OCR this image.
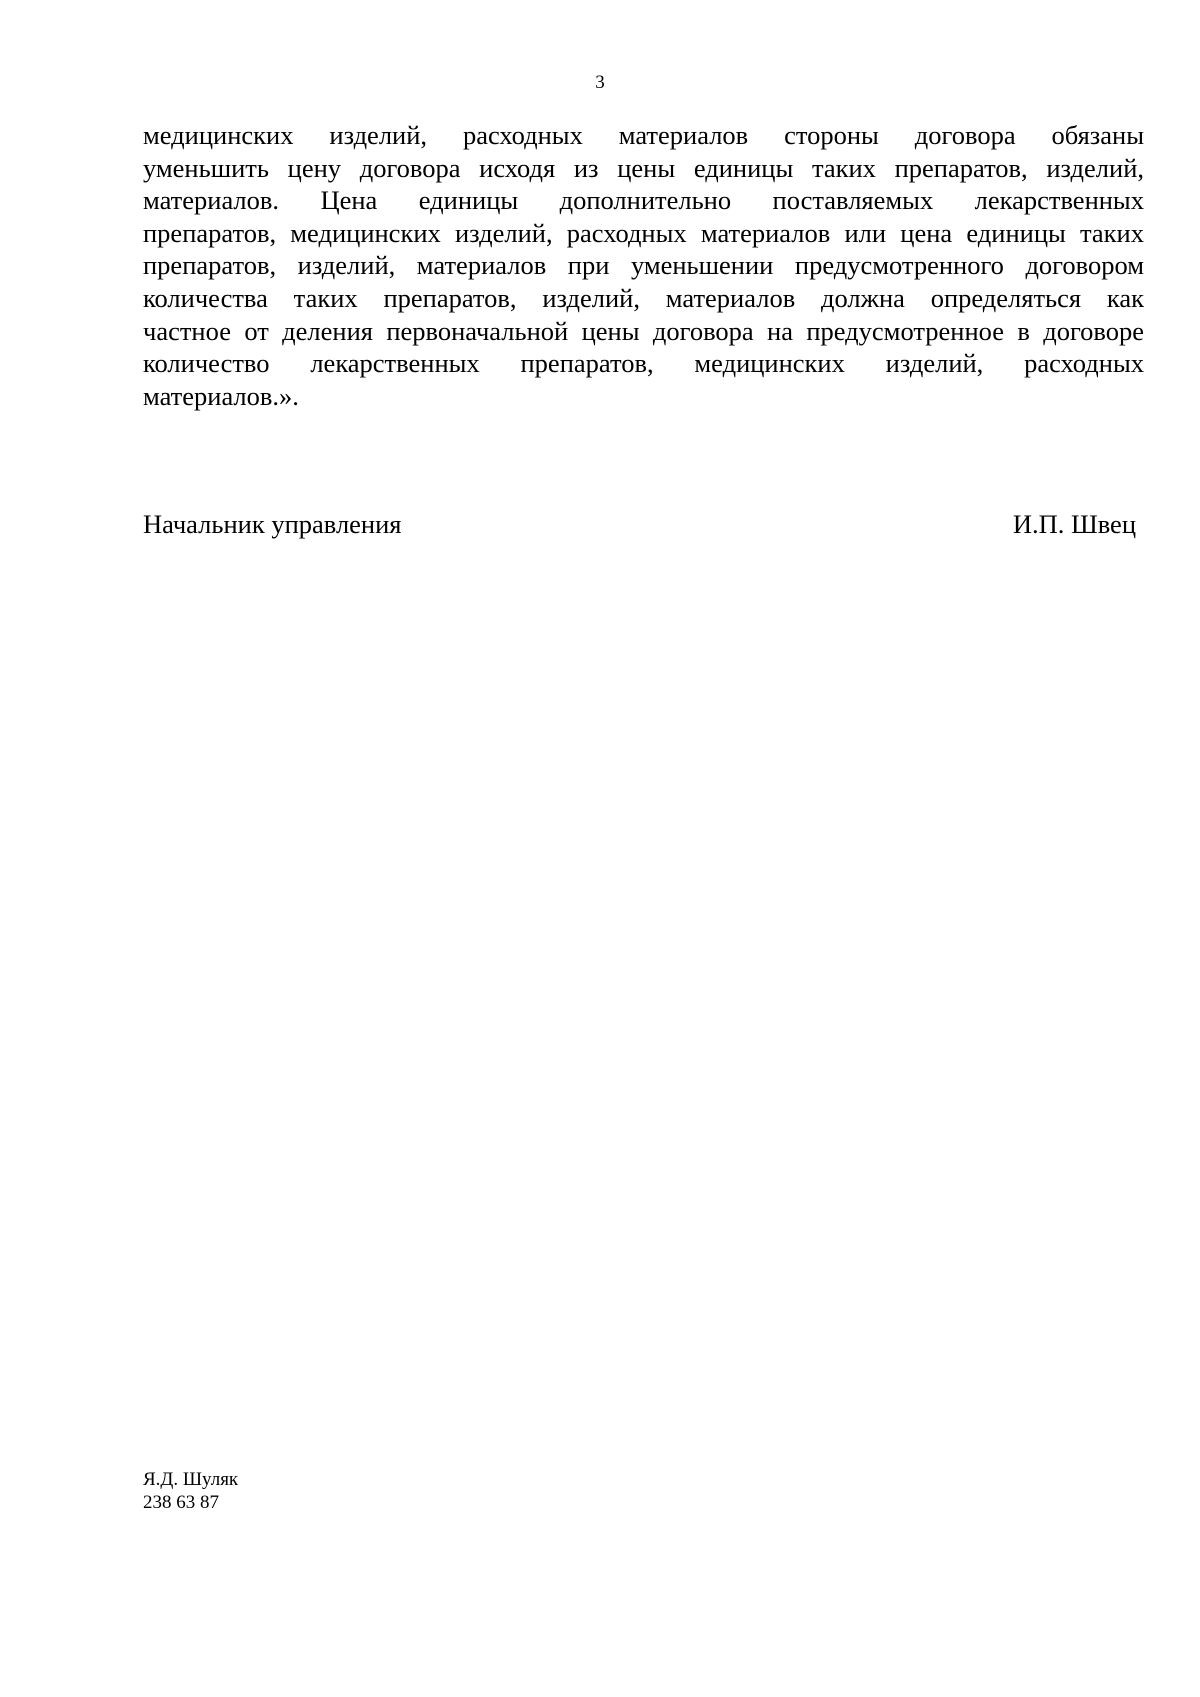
3
медицинских изделий, расходных материалов стороны договора обязаны
уменьшить цену договора исходя из цены единицы таких препаратов, изделий,
материалов. Цена единицы дополнительно поставляемых лекарственных
препаратов, медицинских изделий, расходных материалов или цена единицы таких
препаратов, изделий, материалов при уменьшении предусмотренного договором
количества таких препаратов, изделий, материалов должна определяться как
частное от деления первоначальной цены договора на предусмотренное в договоре
количество лекарственных препаратов, медицинских изделий, расходных
материалов.».
Начальник управления	И.П. Швец
Я.Д. Шуляк
238 63 87
